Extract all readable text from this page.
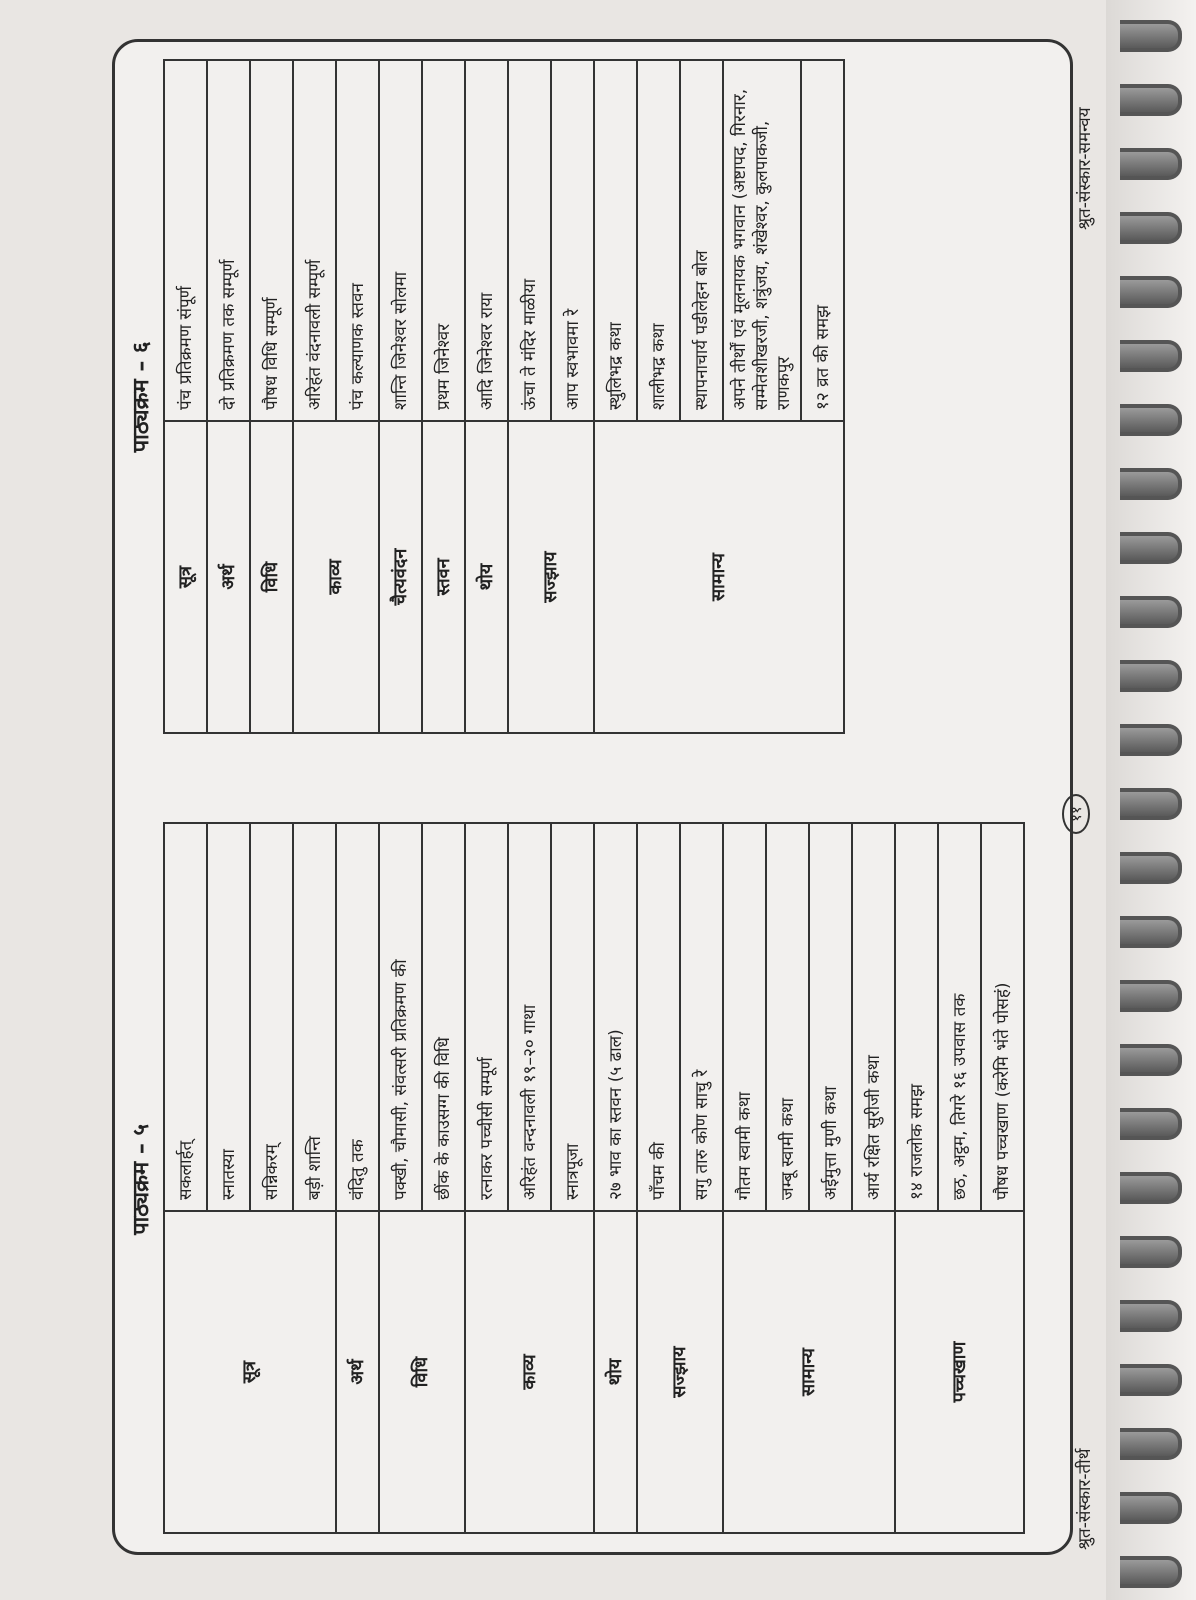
पाठ्यक्रम – ५
सूत्र	सकलार्हत्
	स्नातस्या
	सन्निकरम्
	बड़ी शान्ति
अर्थ	वंदितु तक
विधि	पक्खी, चौमासी, संवत्सरी प्रतिक्रमण की
	छींक के काउसग्ग की विधि
काव्य	रत्नाकर पच्चीसी सम्पूर्ण
	अरिहंत वन्दनावली १९–२० गाथा
	स्नात्रपूजा
थोय	२७ भाव का स्तवन (५ ढाल)
सज्झाय	पाँचम की
	सगु तारु कोण साचु रे
सामान्य	गौतम स्वामी कथा
	जम्बू स्वामी कथा
	अईमुत्ता मुणी कथा
	आर्य रक्षित सुरीजी कथा
पच्चखाण	१४ राजलोक समझ
	छठ, अट्ठम, तिगरे १६ उपवास तक
	पौषध पच्चखाण (करेमि भंते पोसहं)
पाठ्यक्रम – ६
सूत्र	पंच प्रतिक्रमण संपूर्ण
अर्थ	दो प्रतिक्रमण तक सम्पूर्ण
विधि	पौषध विधि सम्पूर्ण
काव्य	अरिहंत वंदनावली सम्पूर्ण
	पंच कल्याणक स्तवन
चैत्यवंदन	शान्ति जिनेश्वर सोलमा
स्तवन	प्रथम जिनेश्वर
थोय	आदि जिनेश्वर राया
सज्झाय	ऊंचा ते मंदिर माळीया
	आप स्वभावमा रे
सामान्य	स्थुलिभद्र कथा
	शालीभद्र कथा
	स्थापनाचार्य पडीलेहन बोल
	अपने तीर्थों एवं मूलनायक भगवान (अष्टापद, गिरनार, सम्मेतशीखरजी, शत्रुंजय, शंखेश्वर, कुलपाकजी, राणकपुर
	१२ व्रत की समझ
श्रुत-संस्कार-तीर्थ
११
श्रुत-संस्कार-समन्वय
